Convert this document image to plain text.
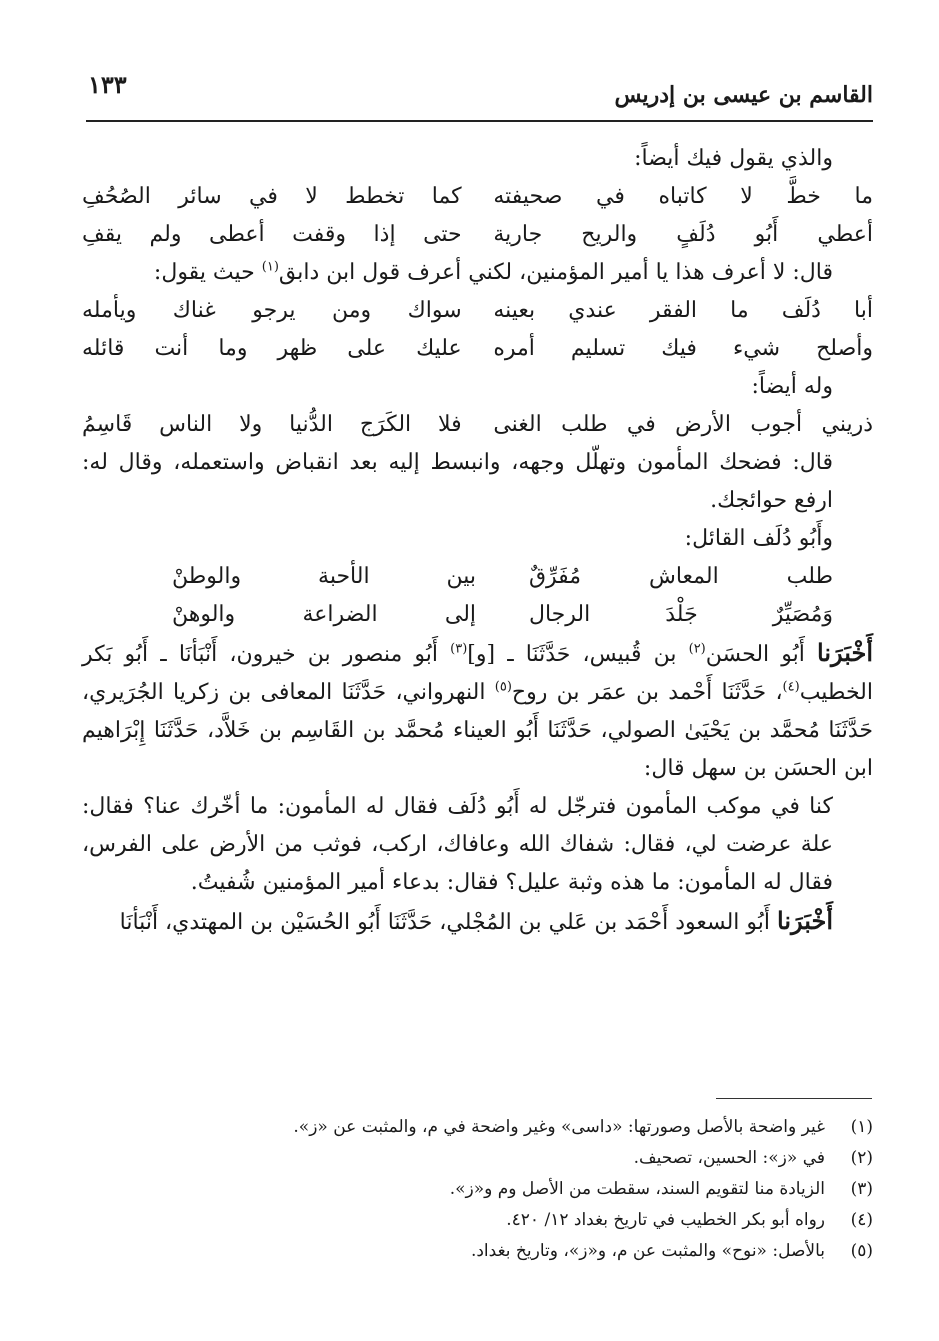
القاسم بن عيسى بن إدريس
١٣٣

والذي يقول فيك أيضاً:

ما خطَّ لا كاتباه في صحيفته
كما تخطط لا في سائر الصُحُفِ
أعطي أَبُو دُلَفٍ والريح جارية
حتى إذا وقفت أعطى ولم يقفِ

قال: لا أعرف هذا يا أمير المؤمنين، لكني أعرف قول ابن دابق$^{(١)}$ حيث يقول:

أبا دُلَف ما الفقر عندي بعينه
سواك ومن يرجو غناك ويأمله
وأصلح شيء فيك تسليم أمره
عليك على ظهر وما أنت قائله

وله أيضاً:

ذريني أجوب الأرض في طلب الغنى
فلا الكَرَج الدُّنيا ولا الناس قَاسِمُ

قال: فضحك المأمون وتهلّل وجهه، وانبسط إليه بعد انقباض واستعمله، وقال له: ارفع حوائجك.

وأَبُو دُلَف القائل:

طلب المعاش مُفَرِّقٌ
بين الأحبة والوطنْ
وَمُصَيِّرٌ جَلْدَ الرجال
إلى الضراعة والوهنْ

أَخْبَرَنا أَبُو الحسَن$^{(٢)}$ بن قُبيس، حَدَّثَنَا ـ [و]$^{(٣)}$ أَبُو منصور بن خيرون، أَنْبَأنَا ـ أَبُو بَكر الخطيب$^{(٤)}$، حَدَّثَنَا أَحْمد بن عمَر بن روح$^{(٥)}$ النهرواني، حَدَّثَنَا المعافى بن زكريا الجُرَيري، حَدَّثَنَا مُحمَّد بن يَحْيَىٰ الصولي، حَدَّثَنَا أَبُو العيناء مُحمَّد بن القَاسِم بن خَلاَّد، حَدَّثَنَا إِبْرَاهيم ابن الحسَن بن سهل قال:

كنا في موكب المأمون فترجّل له أَبُو دُلَف فقال له المأمون: ما أخّرك عنا؟ فقال: علة عرضت لي، فقال: شفاك الله وعافاك، اركب، فوثب من الأرض على الفرس، فقال له المأمون: ما هذه وثبة عليل؟ فقال: بدعاء أمير المؤمنين شُفيتُ.

أَخْبَرَنا أَبُو السعود أَحْمَد بن عَلي بن المُجْلي، حَدَّثَنَا أَبُو الحُسَيْن بن المهتدي، أَنْبَأنَا

(١)
غير واضحة بالأصل وصورتها: «داسى» وغير واضحة في م، والمثبت عن «ز».
(٢)
في «ز»: الحسين، تصحيف.
(٣)
الزيادة منا لتقويم السند، سقطت من الأصل وم و«ز».
(٤)
رواه أبو بكر الخطيب في تاريخ بغداد ١٢/ ٤٢٠.
(٥)
بالأصل: «نوح» والمثبت عن م، و«ز»، وتاريخ بغداد.
